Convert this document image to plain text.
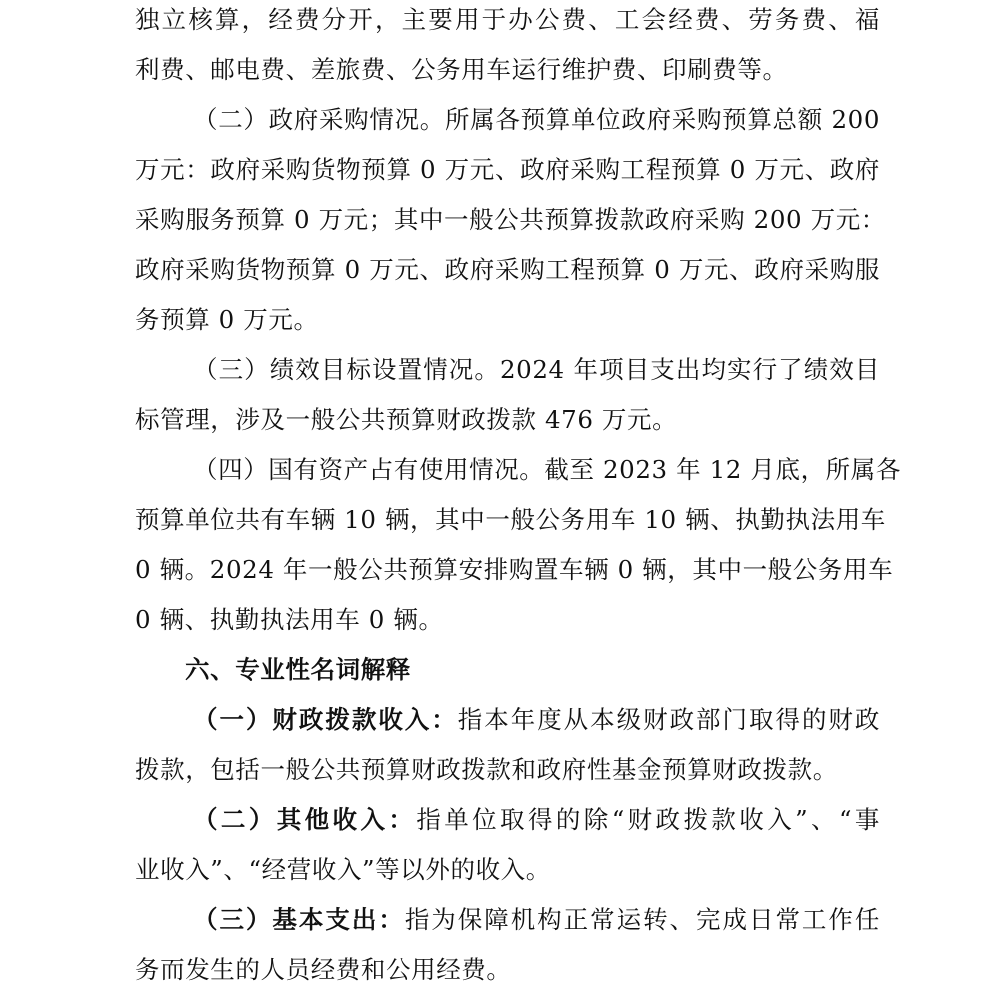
独立核算，经费分开，主要用于办公费、工会经费、劳务费、福
利费、邮电费、差旅费、公务用车运行维护费、印刷费等。
（二）政府采购情况。所属各预算单位政府采购预算总额 200
万元：政府采购货物预算 0 万元、政府采购工程预算 0 万元、政府
采购服务预算 0 万元；其中一般公共预算拨款政府采购 200 万元：
政府采购货物预算 0 万元、政府采购工程预算 0 万元、政府采购服
务预算 0 万元。
（三）绩效目标设置情况。2024 年项目支出均实行了绩效目
标管理，涉及一般公共预算财政拨款 476 万元。
（四）国有资产占有使用情况。截至 2023 年 12 月底，所属各
预算单位共有车辆 10 辆，其中一般公务用车 10 辆、执勤执法用车
0 辆。2024 年一般公共预算安排购置车辆 0 辆，其中一般公务用车
0 辆、执勤执法用车 0 辆。
六、专业性名词解释
（一）财政拨款收入：指本年度从本级财政部门取得的财政
拨款，包括一般公共预算财政拨款和政府性基金预算财政拨款。
（二）其他收入：指单位取得的除“财政拨款收入”、“事
业收入”、“经营收入”等以外的收入。
（三）基本支出：指为保障机构正常运转、完成日常工作任
务而发生的人员经费和公用经费。
